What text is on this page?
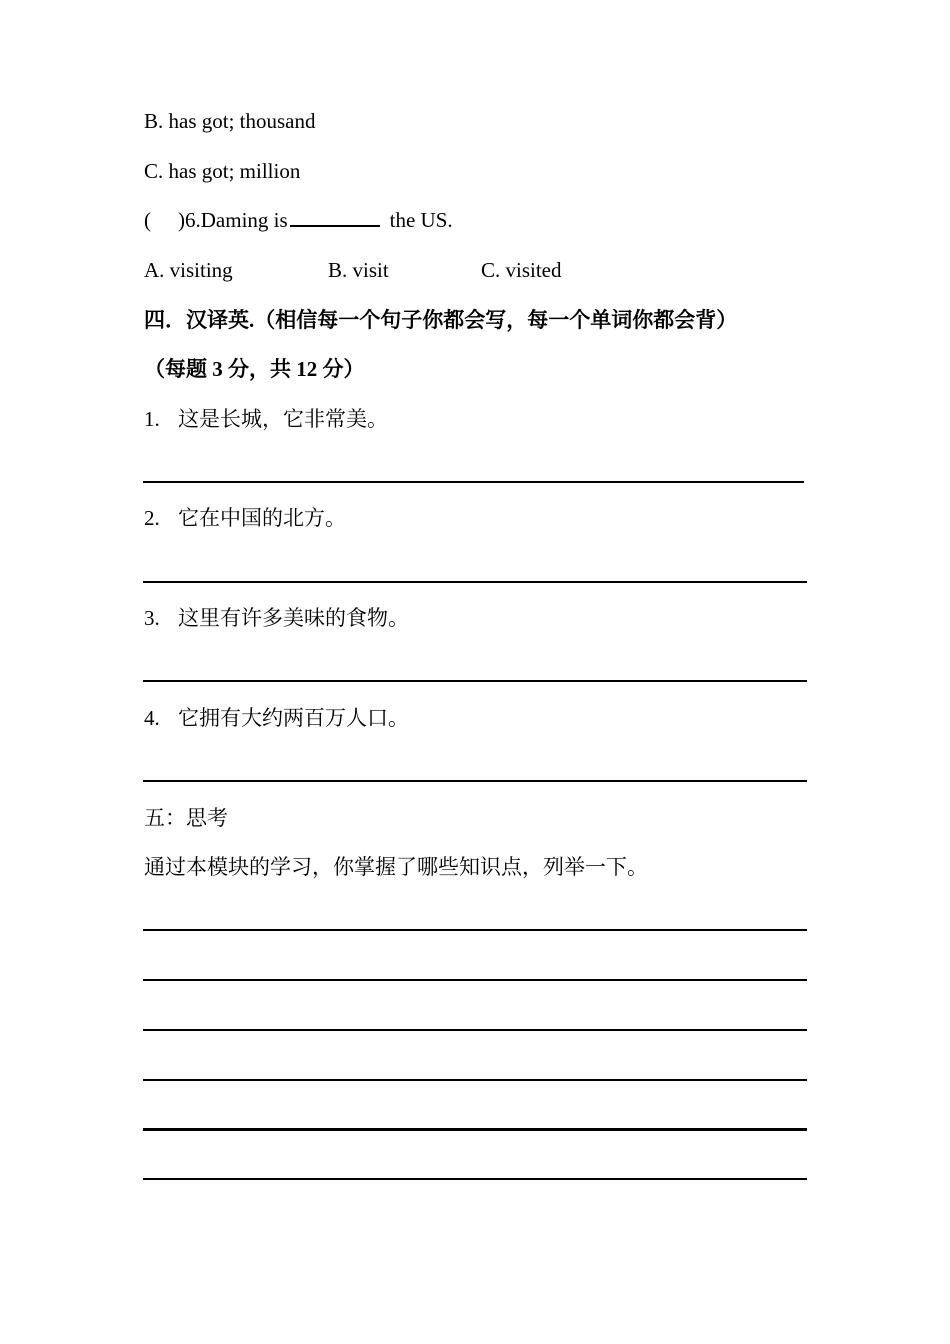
B. has got; thousand
C. has got; million
( )6.Daming is	the US.
A. visiting	B. visit	C. visited
四．汉译英.（相信每一个句子你都会写，每一个单词你都会背）
（每题 3 分，共 12 分）
1. 这是长城，它非常美。
2. 它在中国的北方。
3. 这里有许多美味的食物。
4. 它拥有大约两百万人口。
五：思考
通过本模块的学习，你掌握了哪些知识点，列举一下。
